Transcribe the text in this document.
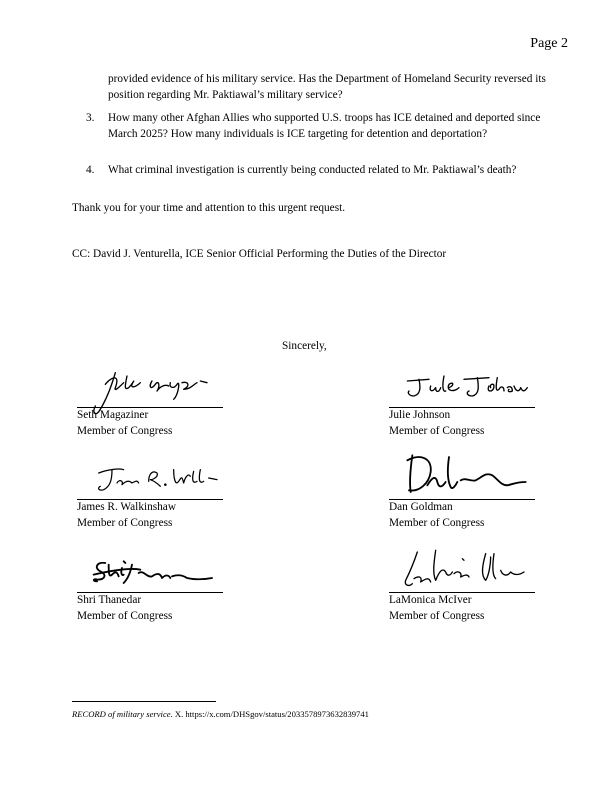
Page 2
provided evidence of his military service. Has the Department of Homeland Security reversed its position regarding Mr. Paktiawal’s military service?
3.	How many other Afghan Allies who supported U.S. troops has ICE detained and deported since March 2025? How many individuals is ICE targeting for detention and deportation?
4.	What criminal investigation is currently being conducted related to Mr. Paktiawal’s death?
Thank you for your time and attention to this urgent request.
CC: David J. Venturella, ICE Senior Official Performing the Duties of the Director
Sincerely,
Seth Magaziner
Member of Congress
Julie Johnson
Member of Congress
James R. Walkinshaw
Member of Congress
Dan Goldman
Member of Congress
Shri Thanedar
Member of Congress
LaMonica McIver
Member of Congress
RECORD of military service. X. https://x.com/DHSgov/status/2033578973632839741
